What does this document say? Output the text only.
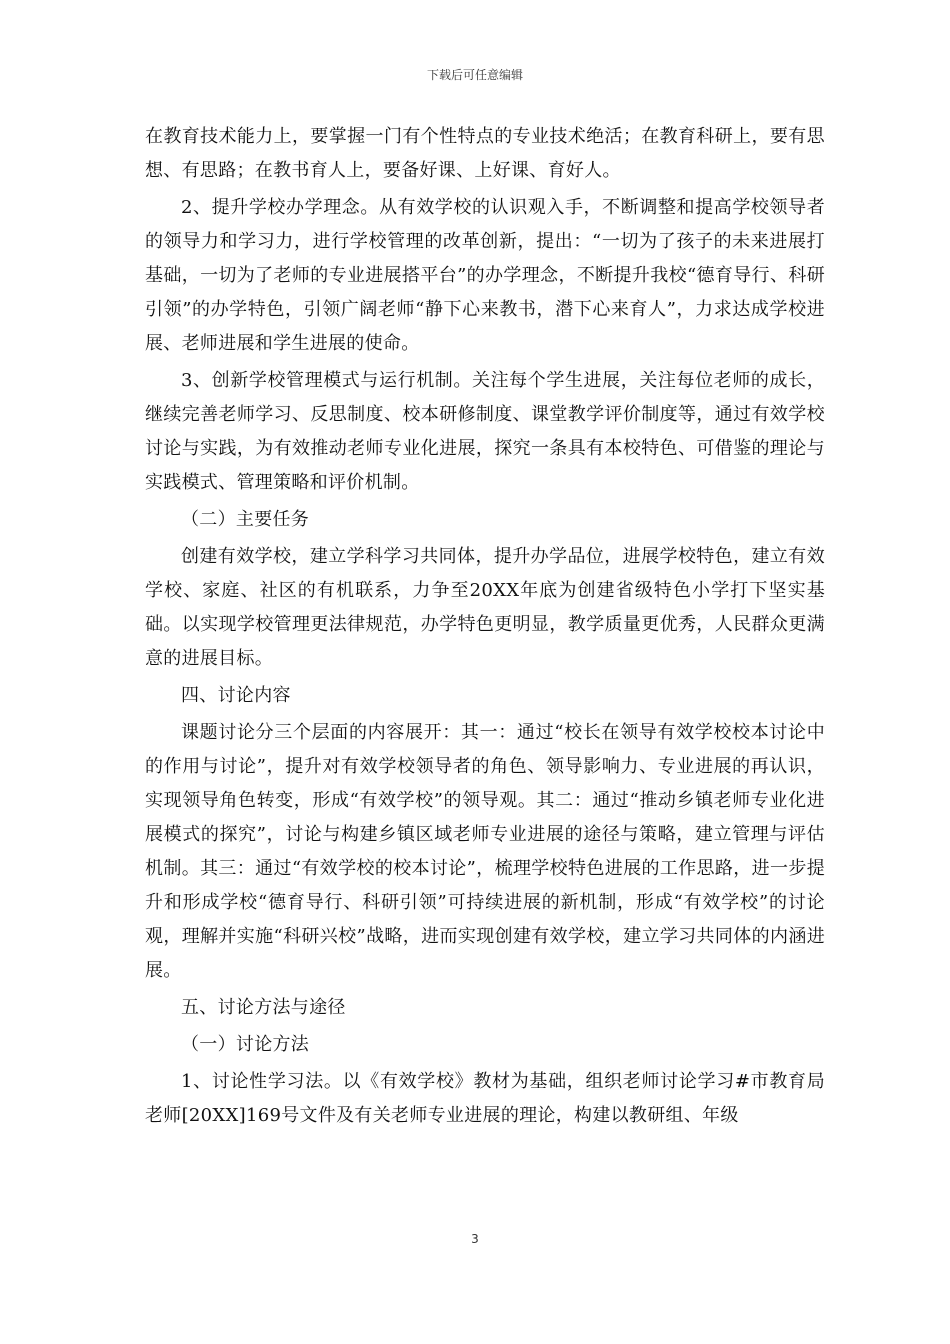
下载后可任意编辑

在教育技术能力上，要掌握一门有个性特点的专业技术绝活；在教育科研上，要有思想、有思路；在教书育人上，要备好课、上好课、育好人。

2、提升学校办学理念。从有效学校的认识观入手，不断调整和提高学校领导者的领导力和学习力，进行学校管理的改革创新，提出：“一切为了孩子的未来进展打基础，一切为了老师的专业进展搭平台”的办学理念，不断提升我校“德育导行、科研引领”的办学特色，引领广阔老师“静下心来教书，潜下心来育人”，力求达成学校进展、老师进展和学生进展的使命。

3、创新学校管理模式与运行机制。关注每个学生进展，关注每位老师的成长，继续完善老师学习、反思制度、校本研修制度、课堂教学评价制度等，通过有效学校讨论与实践，为有效推动老师专业化进展，探究一条具有本校特色、可借鉴的理论与实践模式、管理策略和评价机制。

（二）主要任务

创建有效学校，建立学科学习共同体，提升办学品位，进展学校特色，建立有效学校、家庭、社区的有机联系，力争至20XX年底为创建省级特色小学打下坚实基础。以实现学校管理更法律规范，办学特色更明显，教学质量更优秀，人民群众更满意的进展目标。

四、讨论内容

课题讨论分三个层面的内容展开：其一：通过“校长在领导有效学校校本讨论中的作用与讨论”，提升对有效学校领导者的角色、领导影响力、专业进展的再认识，实现领导角色转变，形成“有效学校”的领导观。其二：通过“推动乡镇老师专业化进展模式的探究”，讨论与构建乡镇区域老师专业进展的途径与策略，建立管理与评估机制。其三：通过“有效学校的校本讨论”，梳理学校特色进展的工作思路，进一步提升和形成学校“德育导行、科研引领”可持续进展的新机制，形成“有效学校”的讨论观，理解并实施“科研兴校”战略，进而实现创建有效学校，建立学习共同体的内涵进展。

五、讨论方法与途径

（一）讨论方法

1、讨论性学习法。以《有效学校》教材为基础，组织老师讨论学习#市教育局老师[20XX]169号文件及有关老师专业进展的理论，构建以教研组、年级

3
